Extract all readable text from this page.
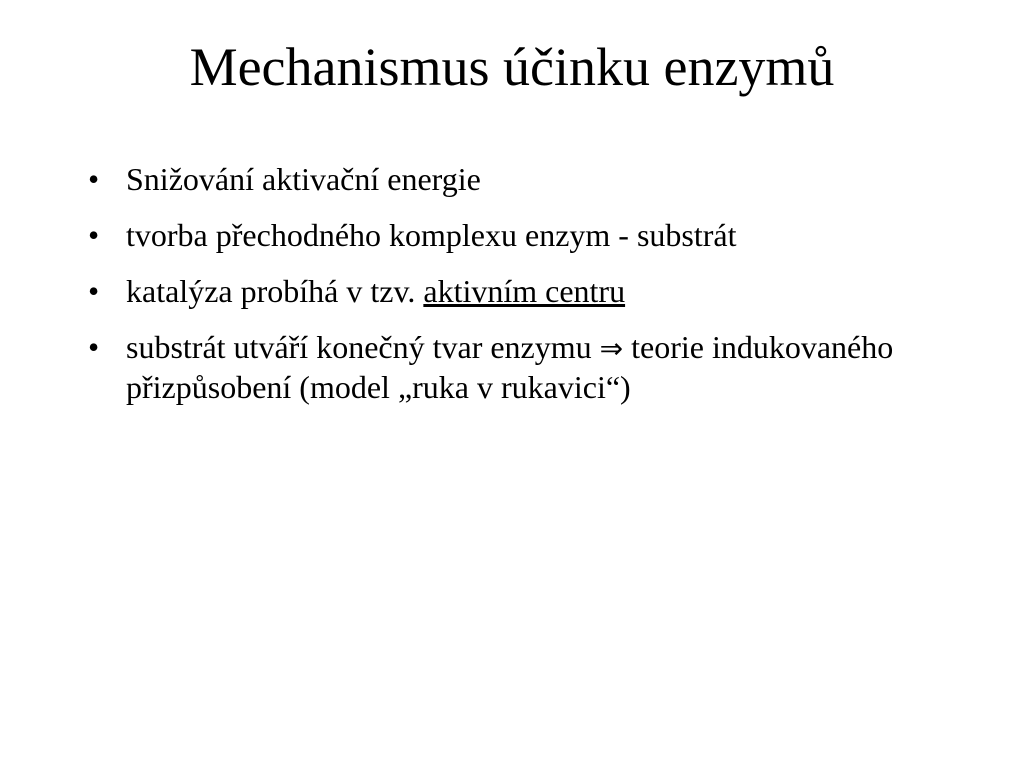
Mechanismus účinku enzymů
• Snižování aktivační energie
• tvorba přechodného komplexu enzym - substrát
• katalýza probíhá v tzv. aktivním centru
• substrát utváří konečný tvar enzymu ⇒ teorie indukovaného přizpůsobení (model „ruka v rukavici“)
